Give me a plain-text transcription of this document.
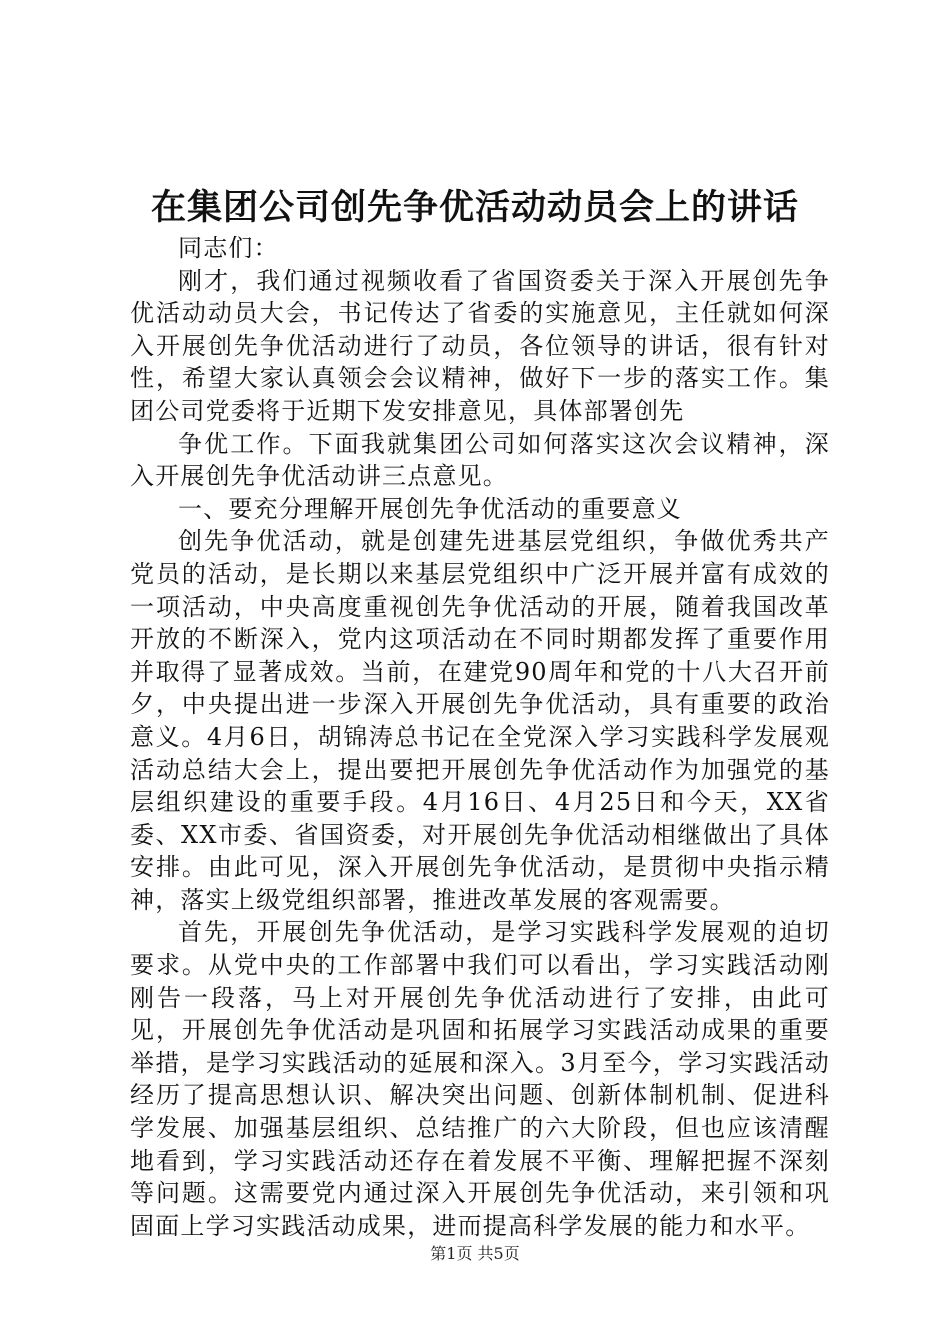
在集团公司创先争优活动动员会上的讲话

同志们：

刚才，我们通过视频收看了省国资委关于深入开展创先争优活动动员大会，书记传达了省委的实施意见，主任就如何深入开展创先争优活动进行了动员，各位领导的讲话，很有针对性，希望大家认真领会会议精神，做好下一步的落实工作。集团公司党委将于近期下发安排意见，具体部署创先

争优工作。下面我就集团公司如何落实这次会议精神，深入开展创先争优活动讲三点意见。

一、要充分理解开展创先争优活动的重要意义

创先争优活动，就是创建先进基层党组织，争做优秀共产党员的活动，是长期以来基层党组织中广泛开展并富有成效的一项活动，中央高度重视创先争优活动的开展，随着我国改革开放的不断深入，党内这项活动在不同时期都发挥了重要作用并取得了显著成效。当前，在建党90周年和党的十八大召开前夕，中央提出进一步深入开展创先争优活动，具有重要的政治意义。4月6日，胡锦涛总书记在全党深入学习实践科学发展观活动总结大会上，提出要把开展创先争优活动作为加强党的基层组织建设的重要手段。4月16日、4月25日和今天，XX省委、XX市委、省国资委，对开展创先争优活动相继做出了具体安排。由此可见，深入开展创先争优活动，是贯彻中央指示精神，落实上级党组织部署，推进改革发展的客观需要。

首先，开展创先争优活动，是学习实践科学发展观的迫切要求。从党中央的工作部署中我们可以看出，学习实践活动刚刚告一段落，马上对开展创先争优活动进行了安排，由此可见，开展创先争优活动是巩固和拓展学习实践活动成果的重要举措，是学习实践活动的延展和深入。3月至今，学习实践活动经历了提高思想认识、解决突出问题、创新体制机制、促进科学发展、加强基层组织、总结推广的六大阶段，但也应该清醒地看到，学习实践活动还存在着发展不平衡、理解把握不深刻等问题。这需要党内通过深入开展创先争优活动，来引领和巩固面上学习实践活动成果，进而提高科学发展的能力和水平。

第1页 共5页
